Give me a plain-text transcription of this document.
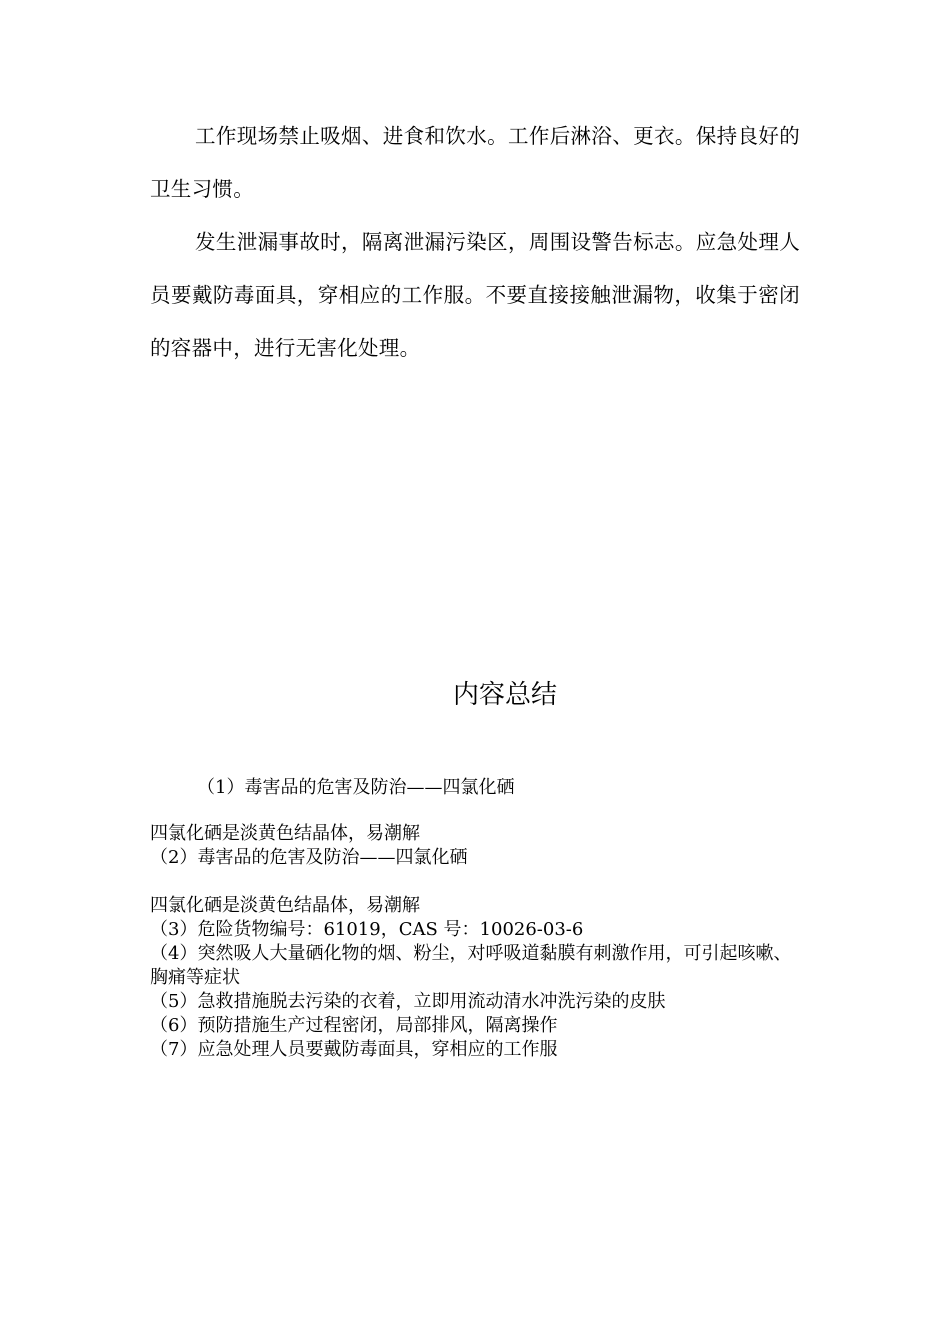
工作现场禁止吸烟、进食和饮水。工作后淋浴、更衣。保持良好的卫生习惯。

发生泄漏事故时，隔离泄漏污染区，周围设警告标志。应急处理人员要戴防毒面具，穿相应的工作服。不要直接接触泄漏物，收集于密闭的容器中，进行无害化处理。

内容总结
（1）毒害品的危害及防治——四氯化硒
四氯化硒是淡黄色结晶体，易潮解
（2）毒害品的危害及防治——四氯化硒
四氯化硒是淡黄色结晶体，易潮解
（3）危险货物编号：61019，CAS 号：10026-03-6
（4）突然吸人大量硒化物的烟、粉尘，对呼吸道黏膜有刺激作用，可引起咳嗽、胸痛等症状
（5）急救措施脱去污染的衣着，立即用流动清水冲洗污染的皮肤
（6）预防措施生产过程密闭，局部排风，隔离操作
（7）应急处理人员要戴防毒面具，穿相应的工作服
